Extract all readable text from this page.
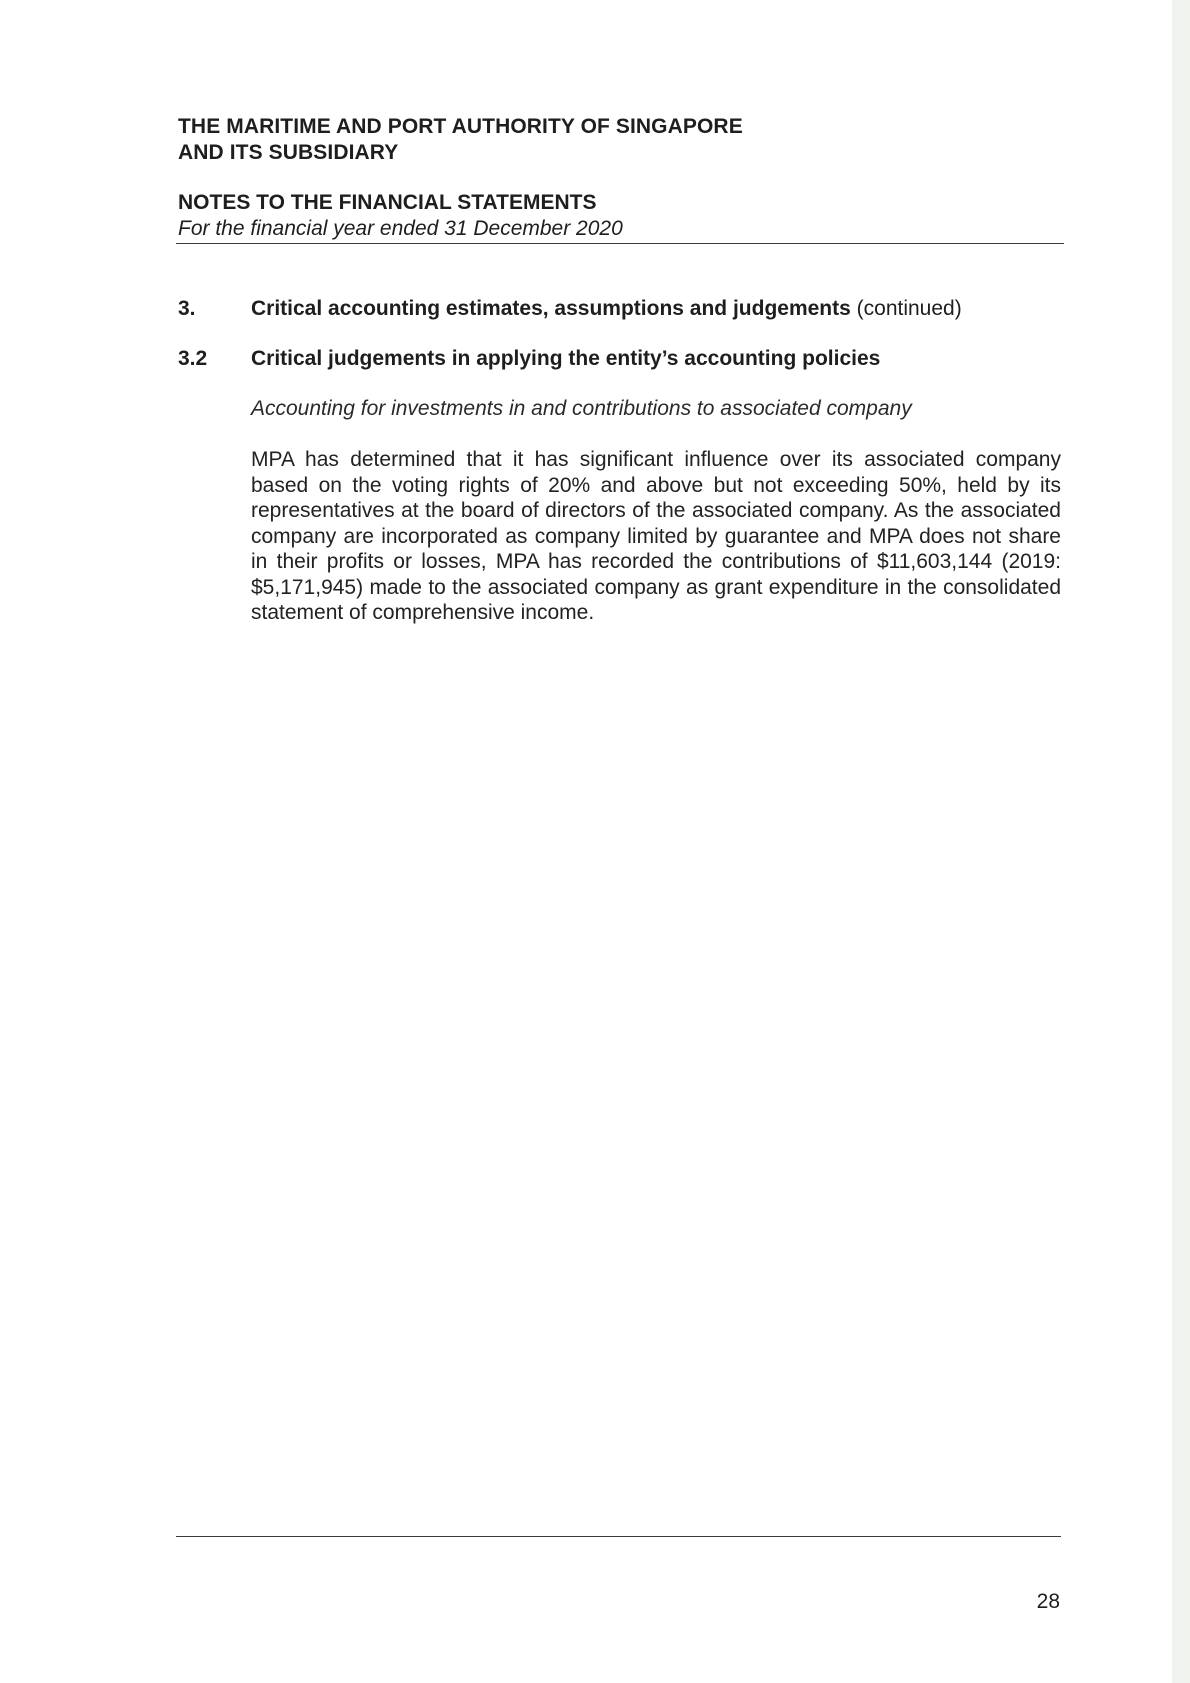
THE MARITIME AND PORT AUTHORITY OF SINGAPORE
AND ITS SUBSIDIARY
NOTES TO THE FINANCIAL STATEMENTS
For the financial year ended 31 December 2020
3.	Critical accounting estimates, assumptions and judgements (continued)
3.2 Critical judgements in applying the entity’s accounting policies
Accounting for investments in and contributions to associated company
MPA has determined that it has significant influence over its associated company based on the voting rights of 20% and above but not exceeding 50%, held by its representatives at the board of directors of the associated company. As the associated company are incorporated as company limited by guarantee and MPA does not share in their profits or losses, MPA has recorded the contributions of $11,603,144 (2019: $5,171,945) made to the associated company as grant expenditure in the consolidated statement of comprehensive income.
28
